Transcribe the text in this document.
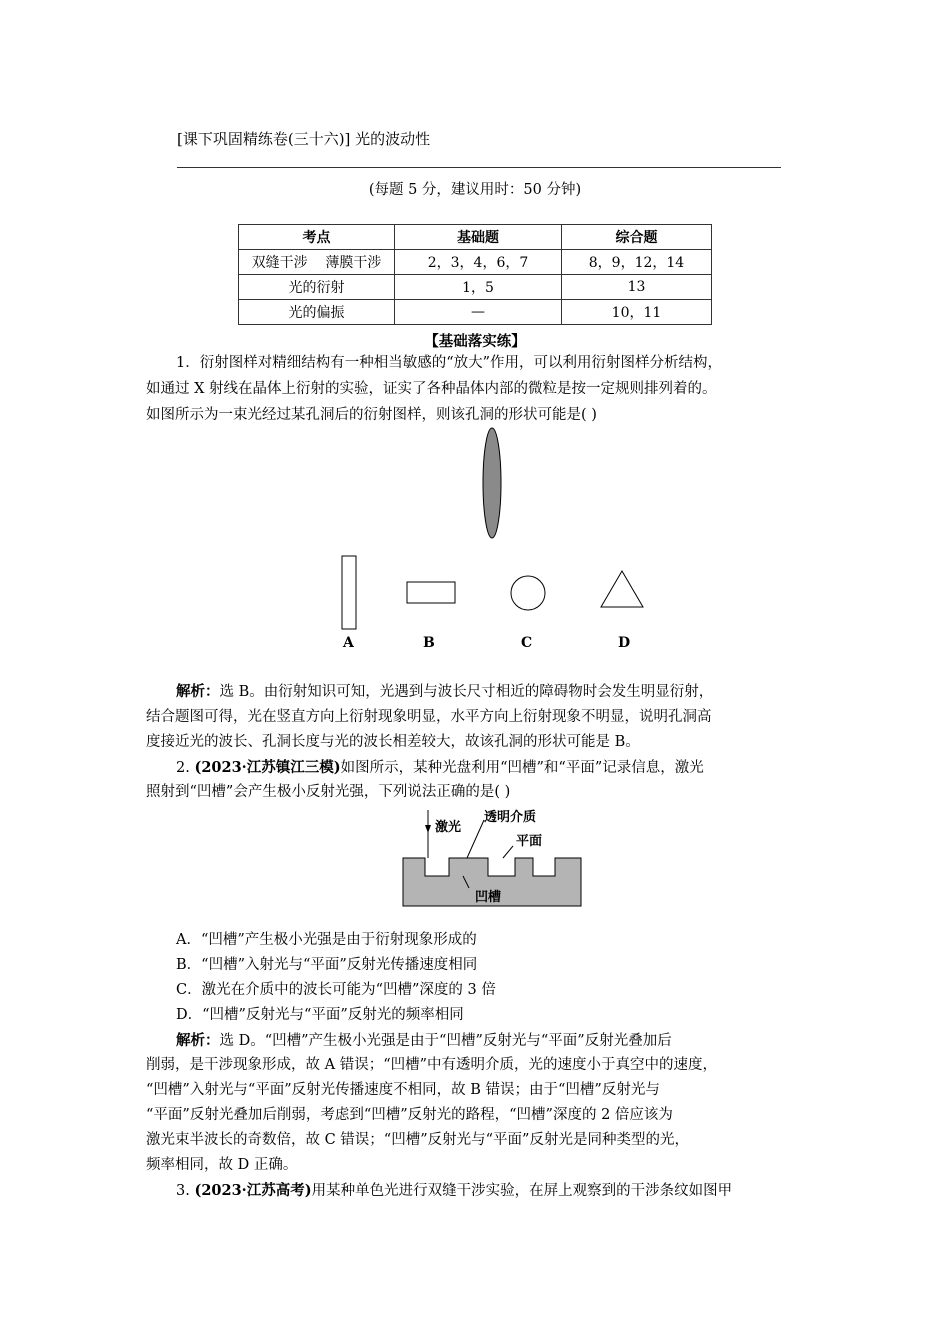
[课下巩固精练卷(三十六)] 光的波动性
(每题 5 分，建议用时：50 分钟)
考点	基础题	综合题
双缝干涉    薄膜干涉	2，3，4，6，7	8，9，12，14
光的衍射	1，5	13
光的偏振	—	10，11
【基础落实练】
1．衍射图样对精细结构有一种相当敏感的“放大”作用，可以利用衍射图样分析结构，
如通过 X 射线在晶体上衍射的实验，证实了各种晶体内部的微粒是按一定规则排列着的。
如图所示为一束光经过某孔洞后的衍射图样，则该孔洞的形状可能是( )
A	B	C	D
解析：选 B。由衍射知识可知，光遇到与波长尺寸相近的障碍物时会发生明显衍射，
结合题图可得，光在竖直方向上衍射现象明显，水平方向上衍射现象不明显，说明孔洞高
度接近光的波长、孔洞长度与光的波长相差较大，故该孔洞的形状可能是 B。
2. (2023·江苏镇江三模)如图所示，某种光盘利用“凹槽”和“平面”记录信息，激光
照射到“凹槽”会产生极小反射光强，下列说法正确的是( )
激光
透明介质
平面
凹槽
A．“凹槽”产生极小光强是由于衍射现象形成的
B．“凹槽”入射光与“平面”反射光传播速度相同
C．激光在介质中的波长可能为“凹槽”深度的 3 倍
D．“凹槽”反射光与“平面”反射光的频率相同
解析：选 D。“凹槽”产生极小光强是由于“凹槽”反射光与“平面”反射光叠加后
削弱，是干涉现象形成，故 A 错误；“凹槽”中有透明介质，光的速度小于真空中的速度，
“凹槽”入射光与“平面”反射光传播速度不相同，故 B 错误；由于“凹槽”反射光与
“平面”反射光叠加后削弱，考虑到“凹槽”反射光的路程，“凹槽”深度的 2 倍应该为
激光束半波长的奇数倍，故 C 错误；“凹槽”反射光与“平面”反射光是同种类型的光，
频率相同，故 D 正确。
3. (2023·江苏高考)用某种单色光进行双缝干涉实验，在屏上观察到的干涉条纹如图甲
